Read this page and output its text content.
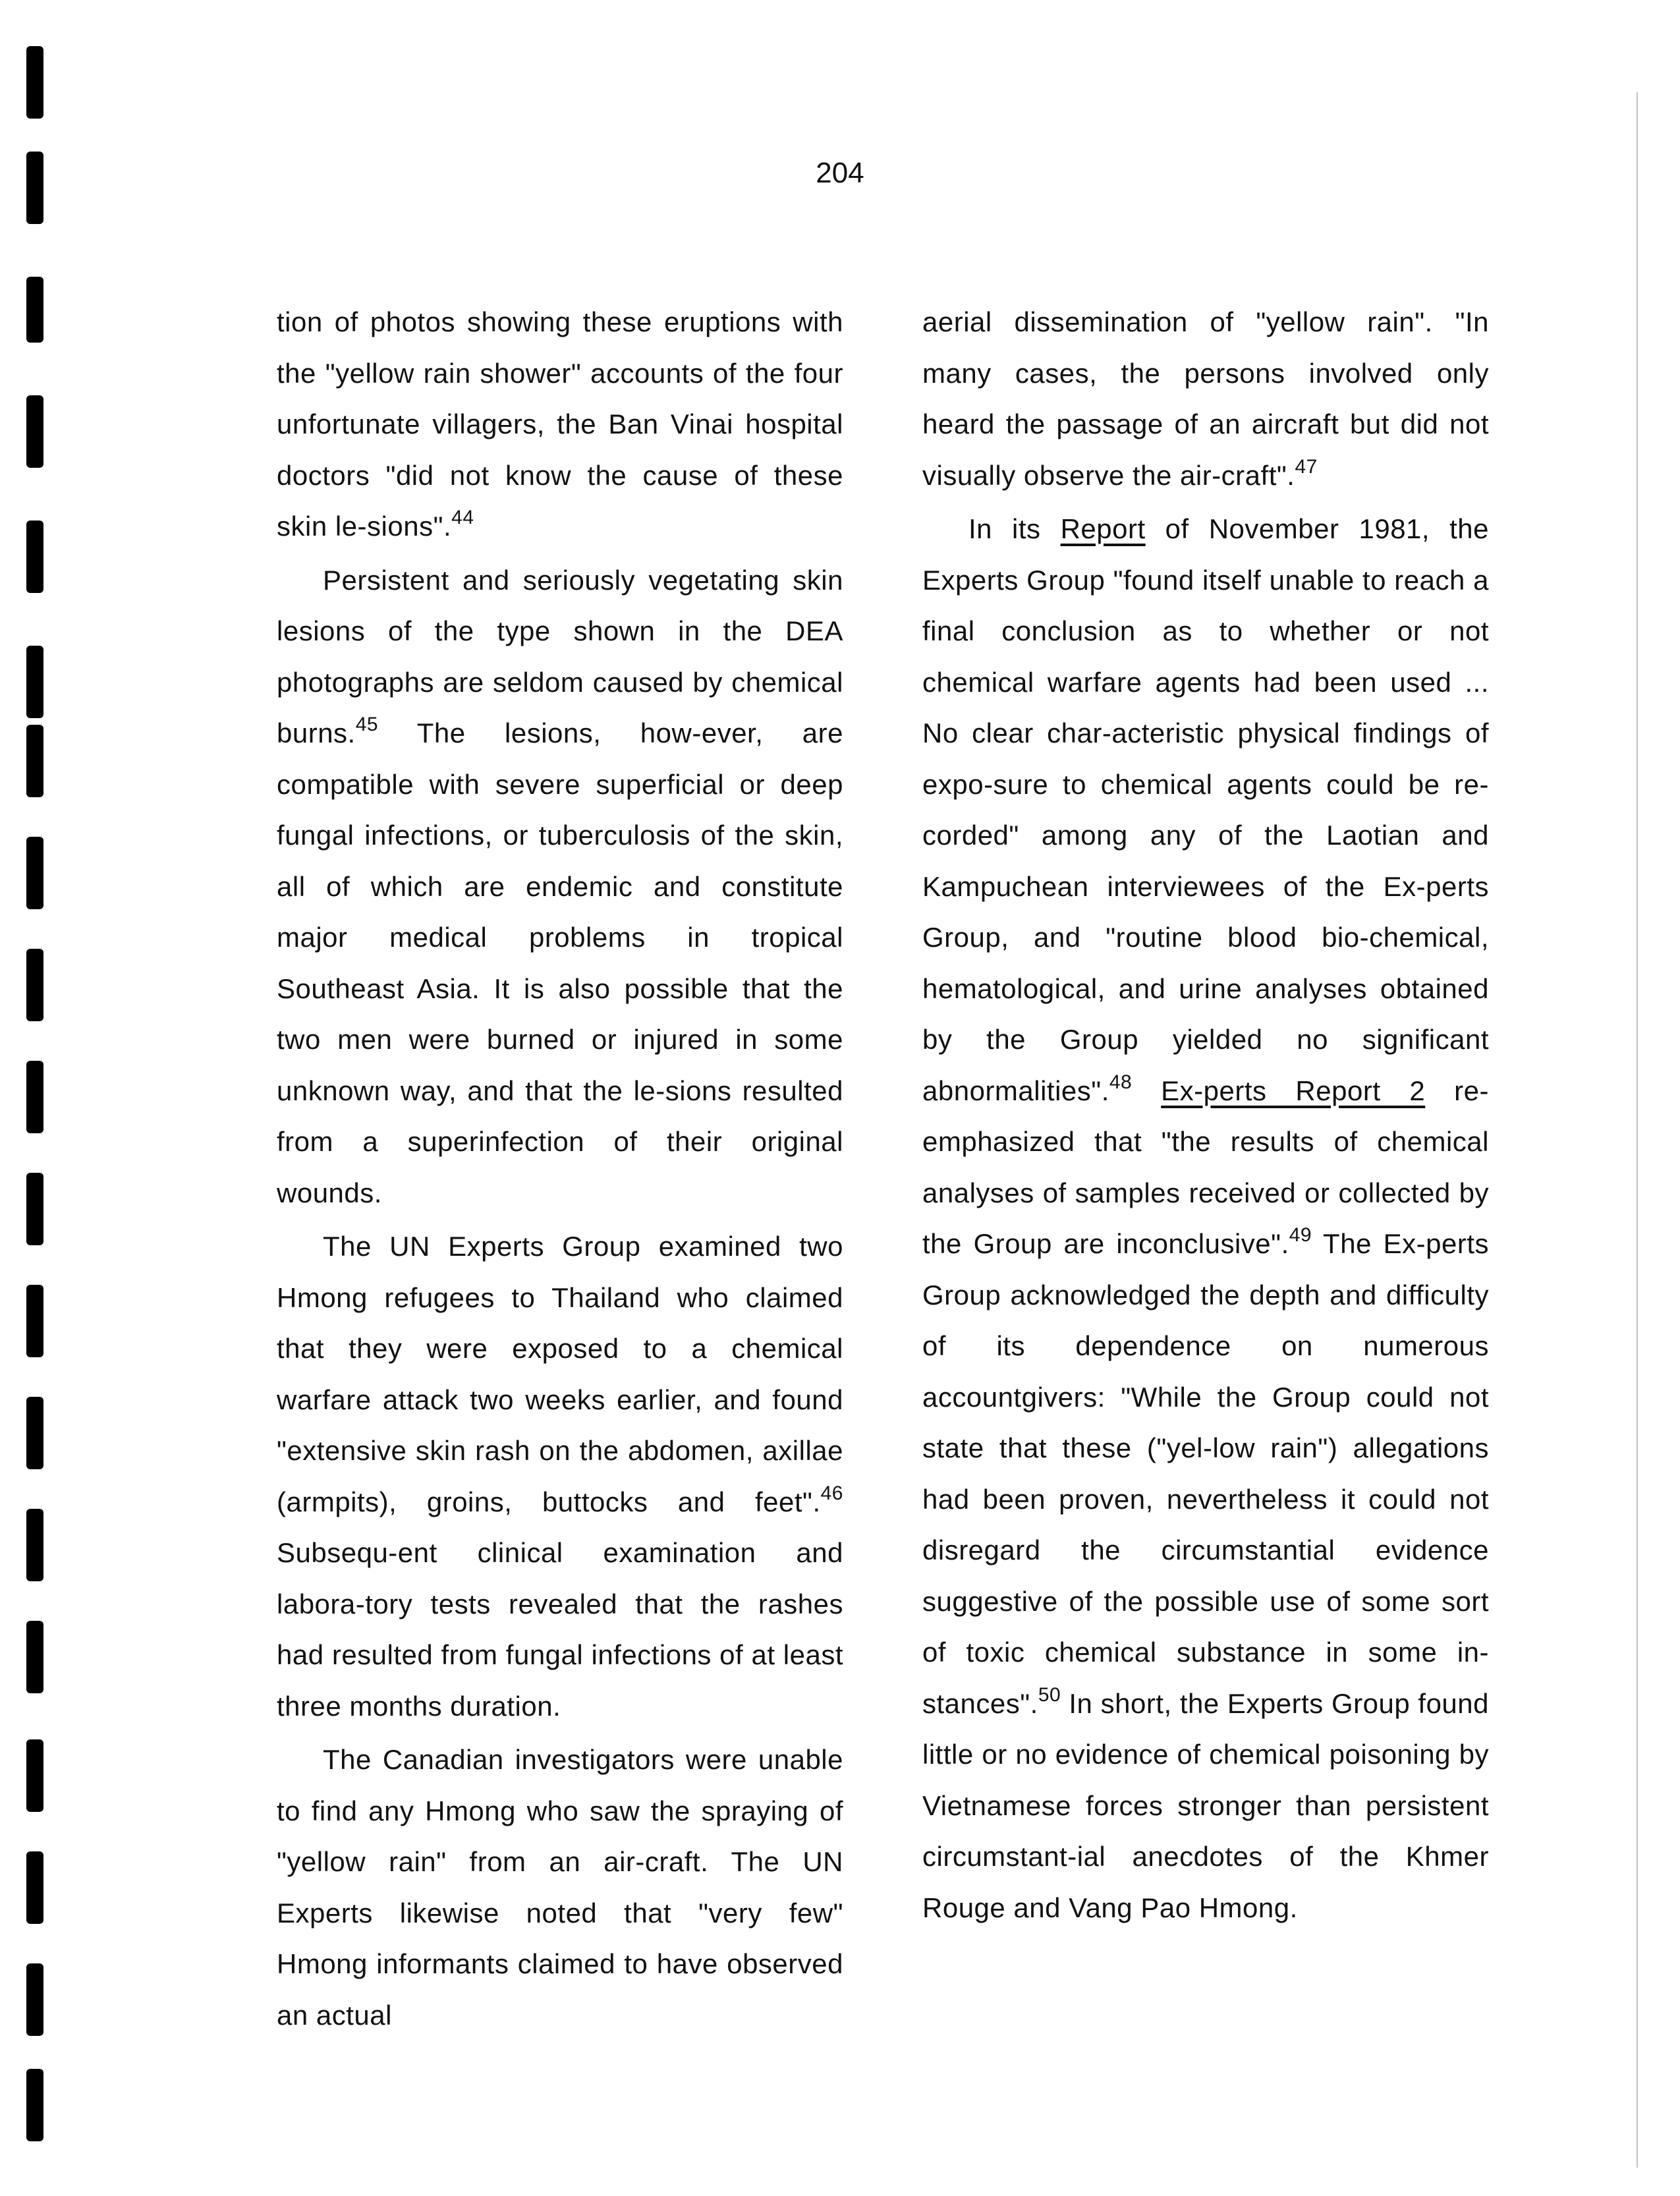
204

tion of photos showing these eruptions with the "yellow rain shower" accounts of the four unfortunate villagers, the Ban Vinai hospital doctors "did not know the cause of these skin le-sions".$^{44}$

Persistent and seriously vegetating skin lesions of the type shown in the DEA photographs are seldom caused by chemical burns.$^{45}$ The lesions, how-ever, are compatible with severe superficial or deep fungal infections, or tuberculosis of the skin, all of which are endemic and constitute major medical problems in tropical Southeast Asia. It is also possible that the two men were burned or injured in some unknown way, and that the le-sions resulted from a superinfection of their original wounds.

The UN Experts Group examined two Hmong refugees to Thailand who claimed that they were exposed to a chemical warfare attack two weeks earlier, and found "extensive skin rash on the abdomen, axillae (armpits), groins, buttocks and feet".$^{46}$ Subsequ-ent clinical examination and labora-tory tests revealed that the rashes had resulted from fungal infections of at least three months duration.

The Canadian investigators were unable to find any Hmong who saw the spraying of "yellow rain" from an air-craft. The UN Experts likewise noted that "very few" Hmong informants claimed to have observed an actual

aerial dissemination of "yellow rain". "In many cases, the persons involved only heard the passage of an aircraft but did not visually observe the air-craft".$^{47}$

In its Report of November 1981, the Experts Group "found itself unable to reach a final conclusion as to whether or not chemical warfare agents had been used ... No clear char-acteristic physical findings of expo-sure to chemical agents could be re-corded" among any of the Laotian and Kampuchean interviewees of the Ex-perts Group, and "routine blood bio-chemical, hematological, and urine analyses obtained by the Group yielded no significant abnormalities".$^{48}$ Ex-perts Report 2 re-emphasized that "the results of chemical analyses of samples received or collected by the Group are inconclusive".$^{49}$ The Ex-perts Group acknowledged the depth and difficulty of its dependence on numerous accountgivers: "While the Group could not state that these ("yel-low rain") allegations had been proven, nevertheless it could not disregard the circumstantial evidence suggestive of the possible use of some sort of toxic chemical substance in some in-stances".$^{50}$ In short, the Experts Group found little or no evidence of chemical poisoning by Vietnamese forces stronger than persistent circumstant-ial anecdotes of the Khmer Rouge and Vang Pao Hmong.
